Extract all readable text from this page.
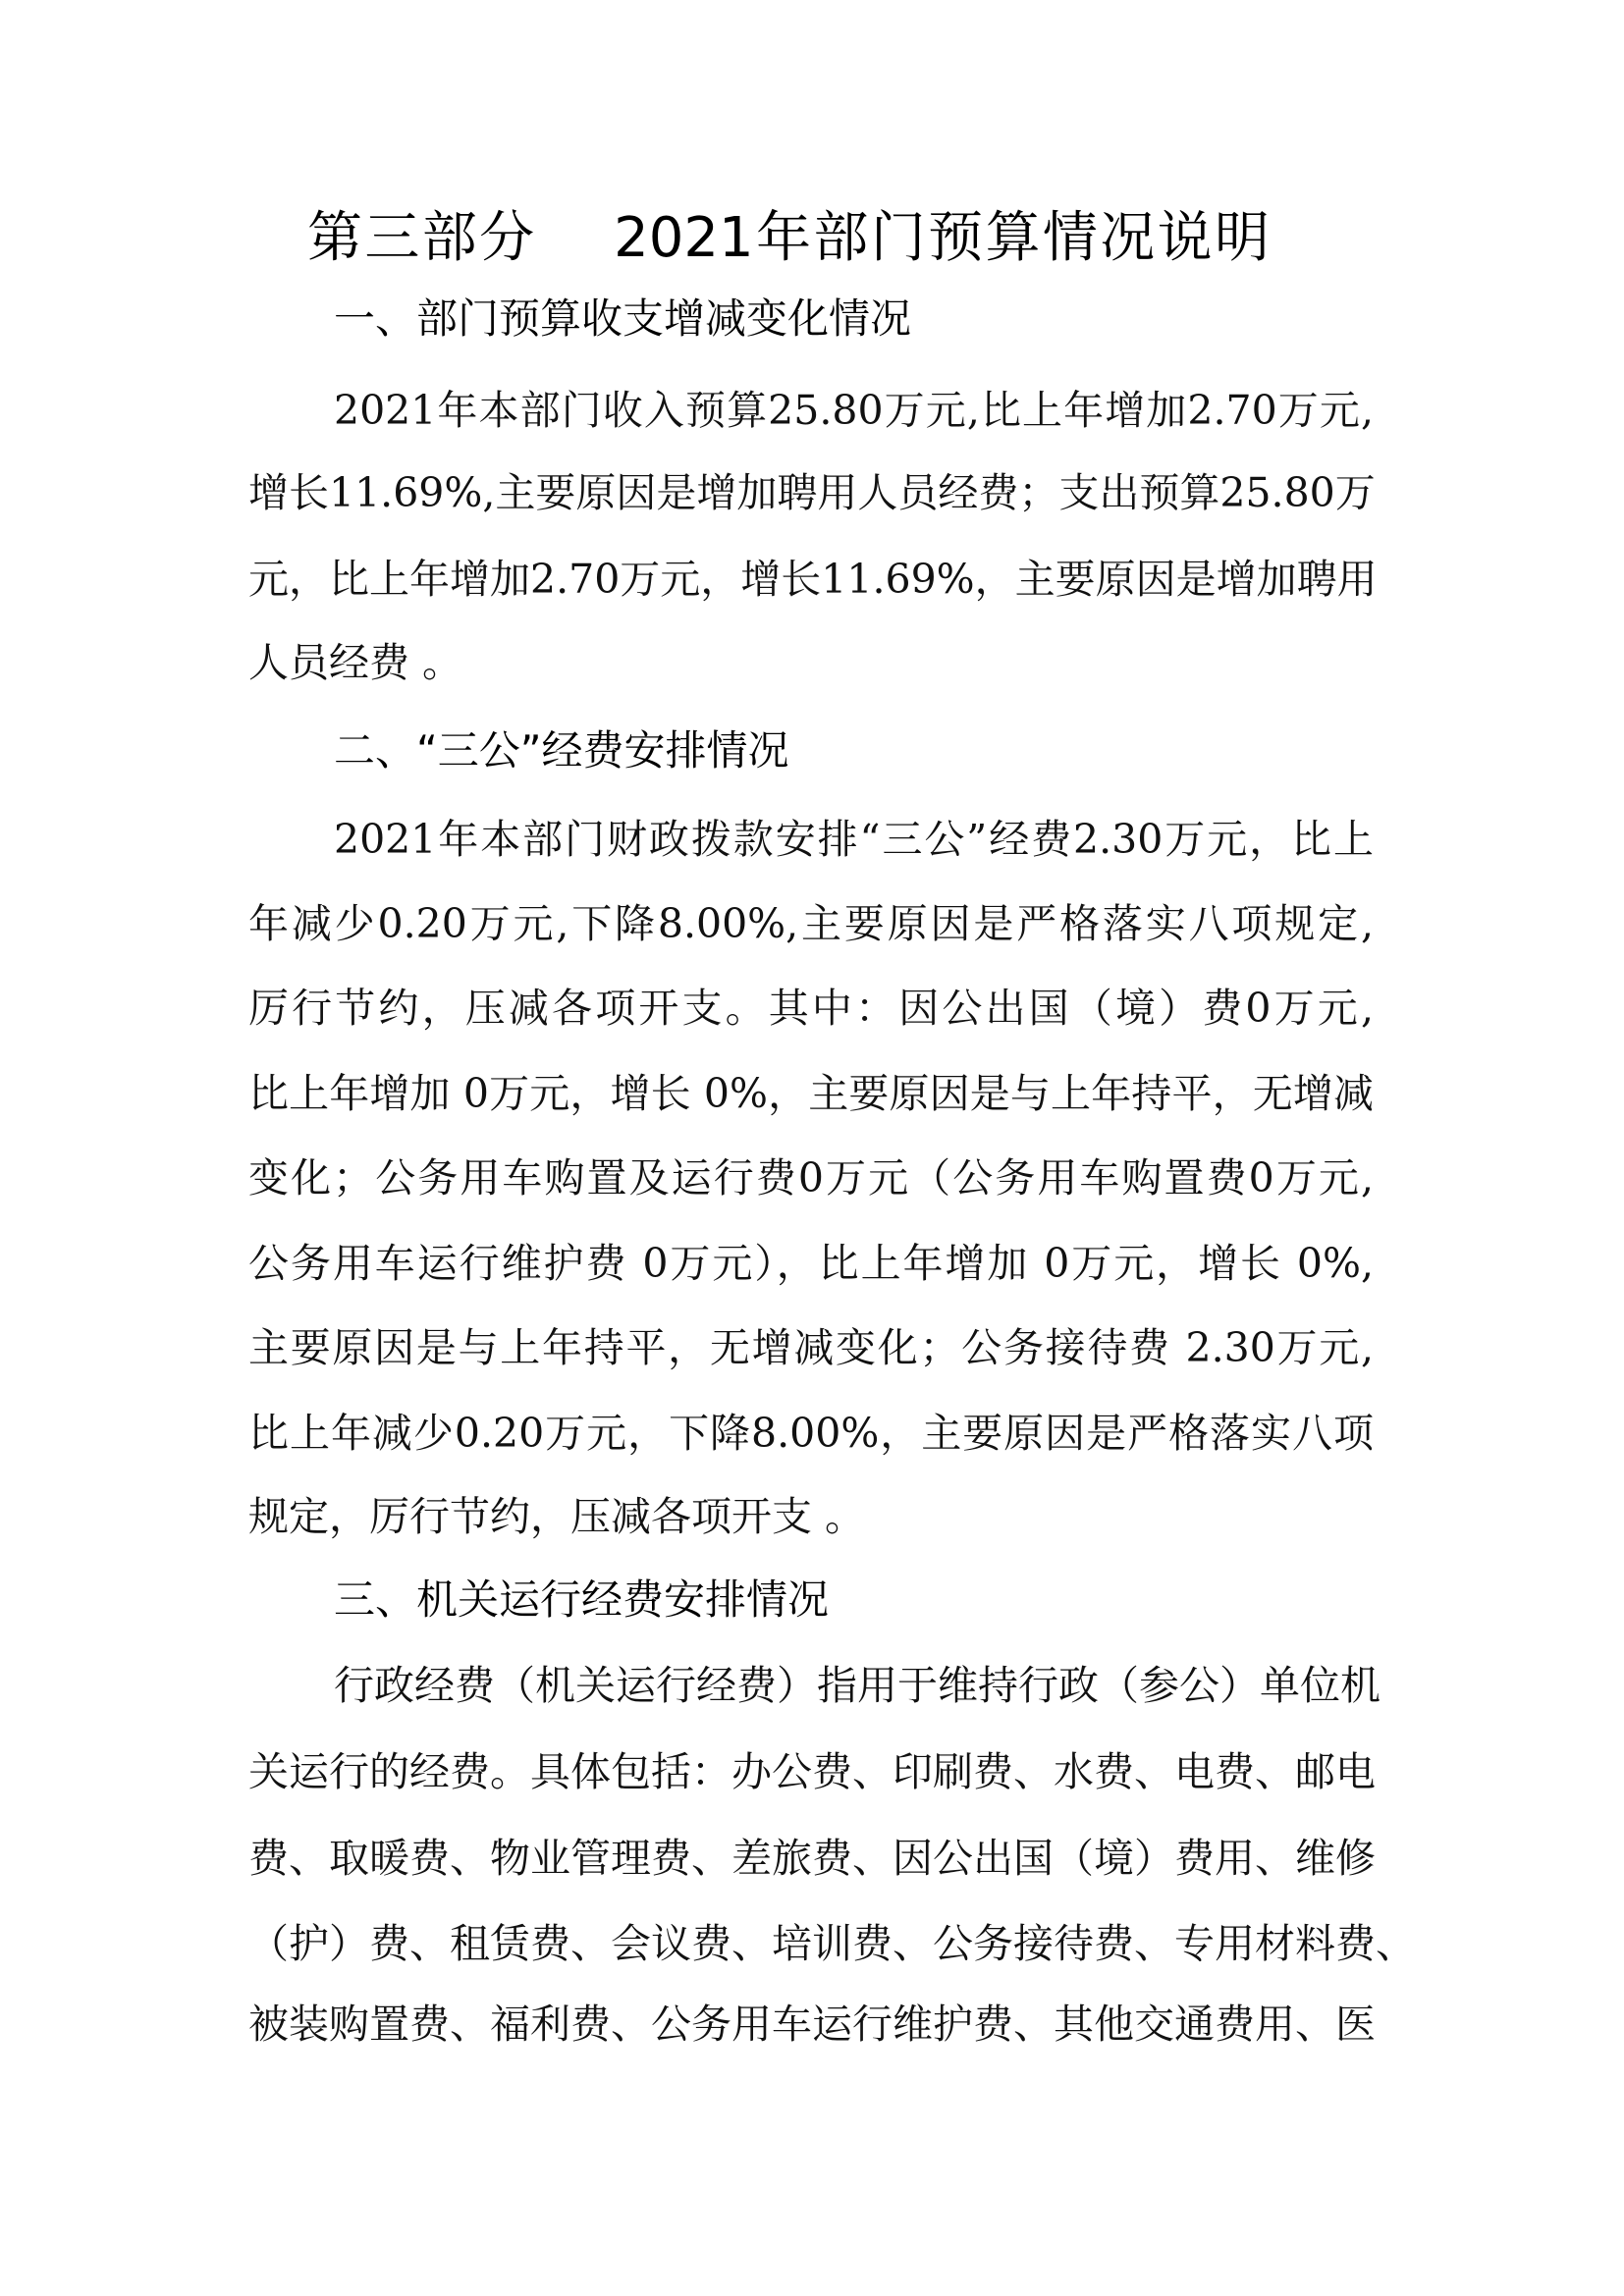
第三部分　 2021年部门预算情况说明
一、部门预算收支增减变化情况
2021年本部门收入预算25.80万元,比上年增加2.70万元,
增长11.69%,主要原因是增加聘用人员经费；支出预算25.80万
元，比上年增加2.70万元，增长11.69%，主要原因是增加聘用
人员经费 。
二、“三公”经费安排情况
2021年本部门财政拨款安排“三公”经费2.30万元，比上
年减少0.20万元,下降8.00%,主要原因是严格落实八项规定,
厉行节约，压减各项开支。其中：因公出国（境）费0万元,
比上年增加 0万元，增长 0%，主要原因是与上年持平，无增减
变化；公务用车购置及运行费0万元（公务用车购置费0万元,
公务用车运行维护费 0万元），比上年增加 0万元，增长 0%,
主要原因是与上年持平，无增减变化；公务接待费 2.30万元,
比上年减少0.20万元，下降8.00%，主要原因是严格落实八项
规定，厉行节约，压减各项开支 。
三、机关运行经费安排情况
行政经费（机关运行经费）指用于维持行政（参公）单位机
关运行的经费。具体包括：办公费、印刷费、水费、电费、邮电
费、取暖费、物业管理费、差旅费、因公出国（境）费用、维修
（护）费、租赁费、会议费、培训费、公务接待费、专用材料费、
被装购置费、福利费、公务用车运行维护费、其他交通费用、医
